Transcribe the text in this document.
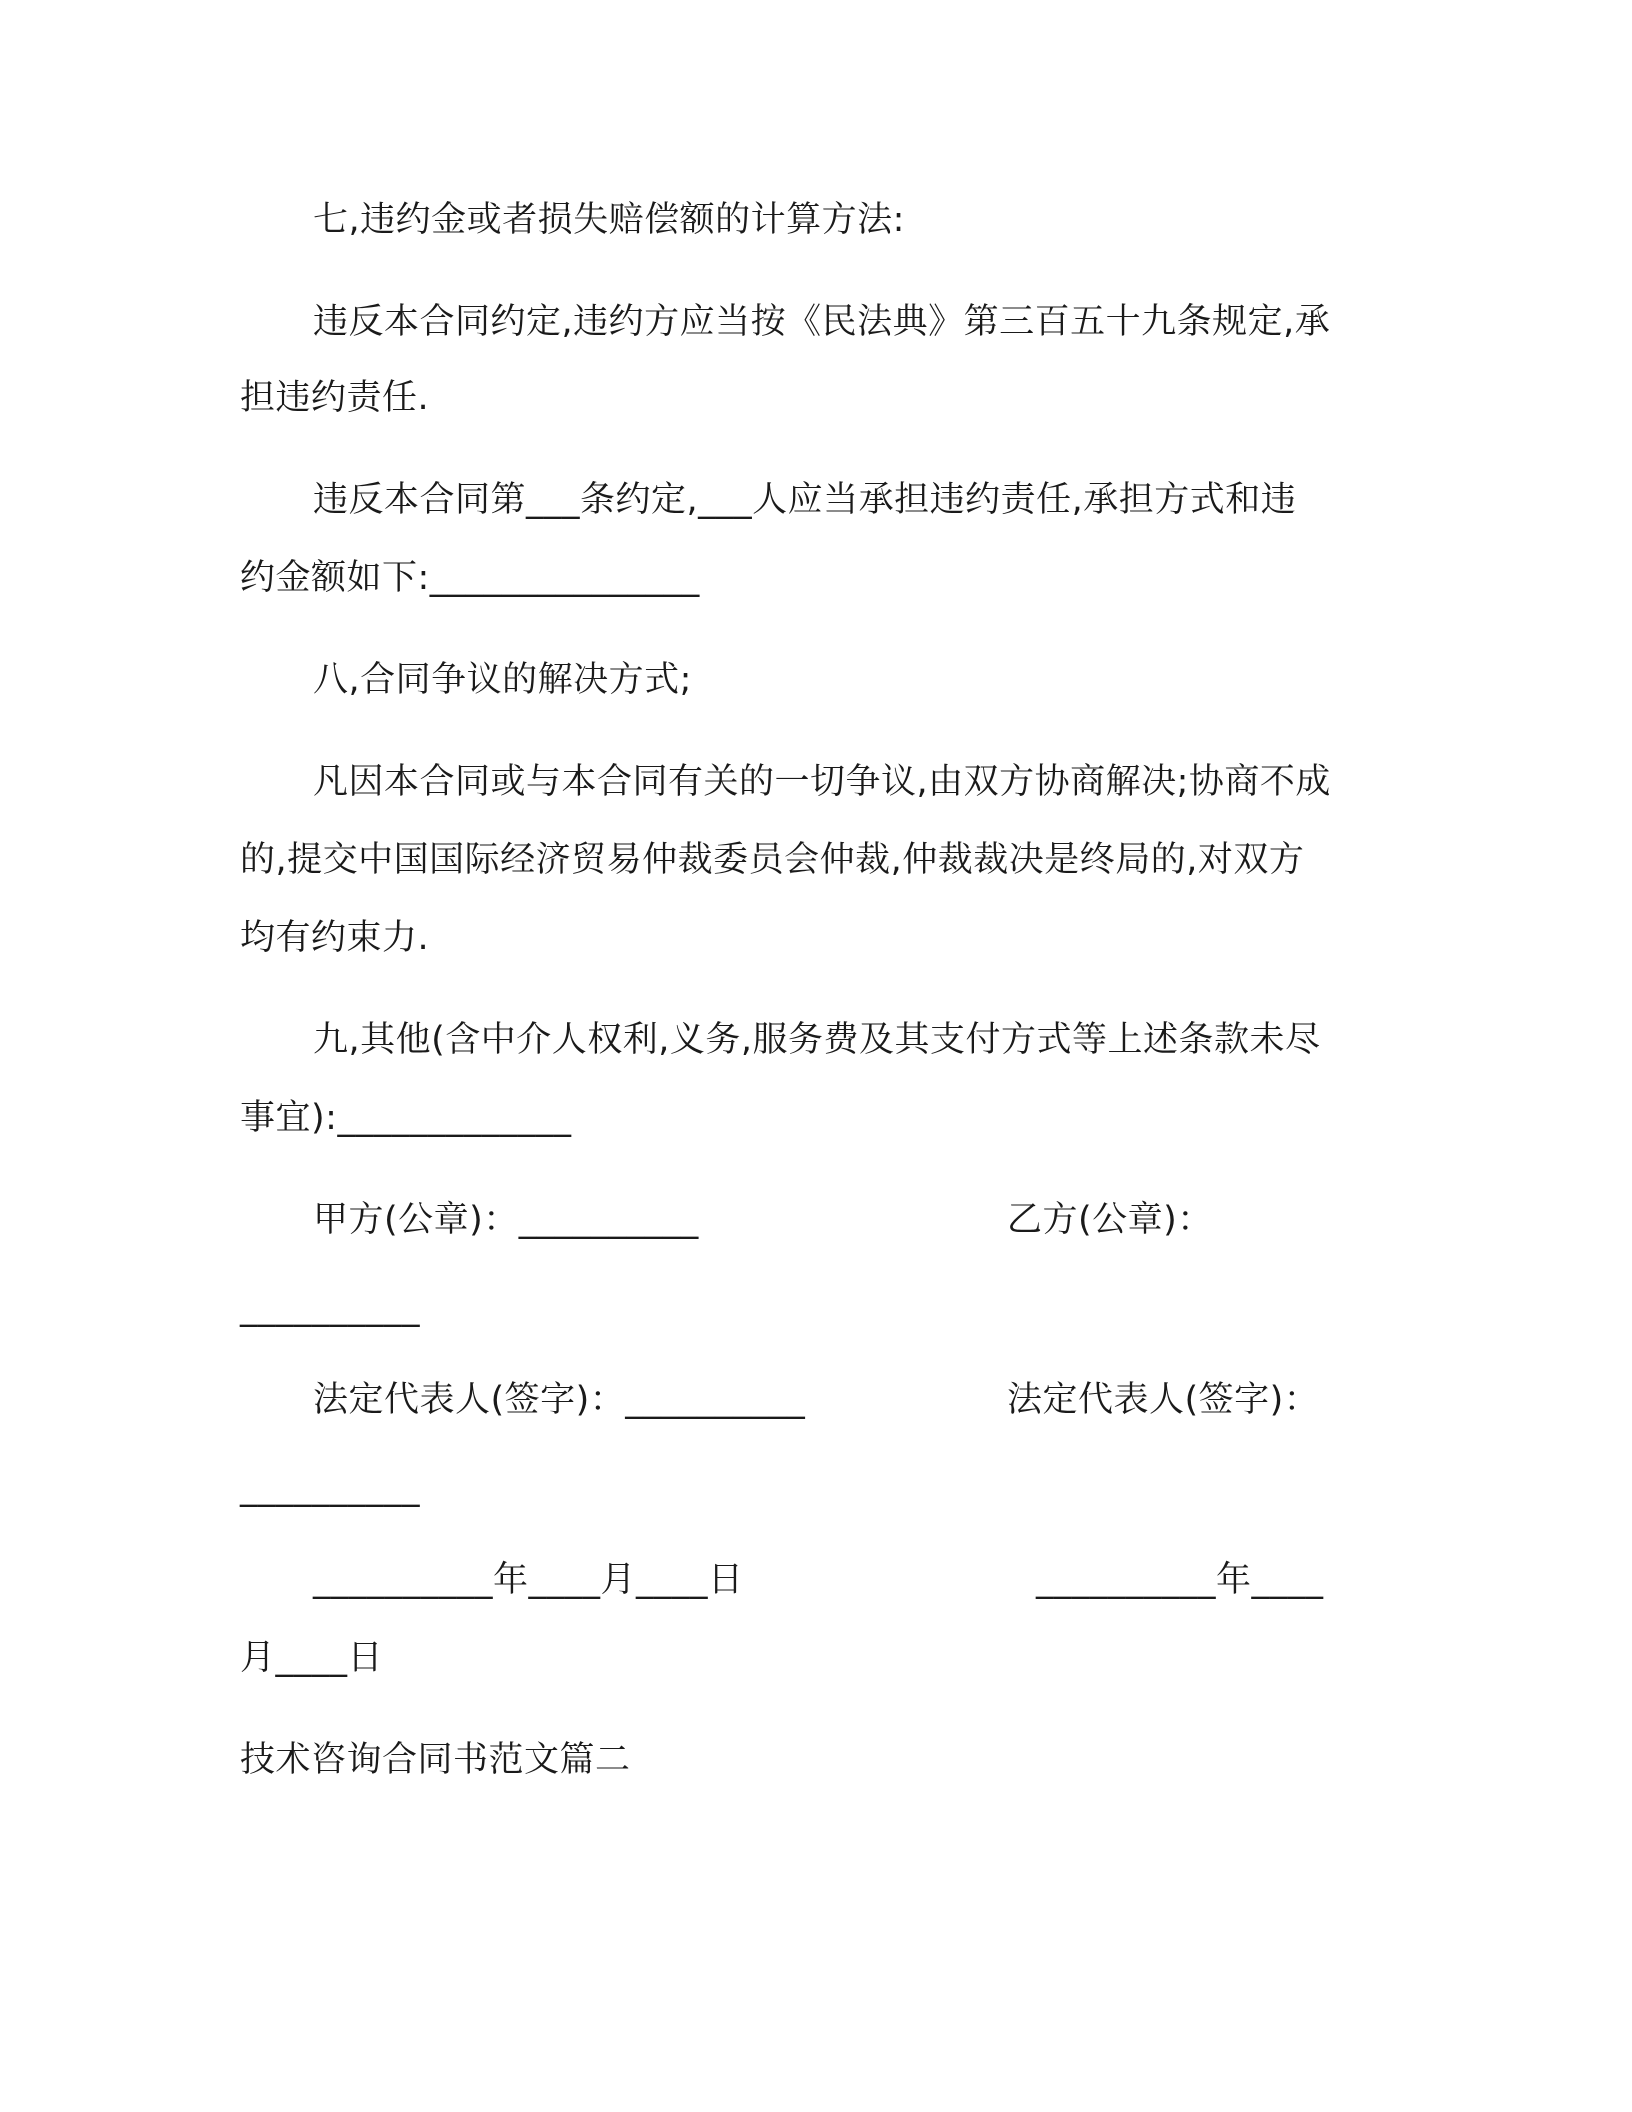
七,违约金或者损失赔偿额的计算方法:
违反本合同约定,违约方应当按《民法典》第三百五十九条规定,承
担违约责任.
违反本合同第___条约定,___人应当承担违约责任,承担方式和违
约金额如下:_______________
八,合同争议的解决方式;
凡因本合同或与本合同有关的一切争议,由双方协商解决;协商不成
的,提交中国国际经济贸易仲裁委员会仲裁,仲裁裁决是终局的,对双方
均有约束力.
九,其他(含中介人权利,义务,服务费及其支付方式等上述条款未尽
事宜):_____________
甲方(公章)：__________	乙方(公章)：
__________
法定代表人(签字)：__________	法定代表人(签字)：
__________
__________年____月____日	__________年____
月____日
技术咨询合同书范文篇二
